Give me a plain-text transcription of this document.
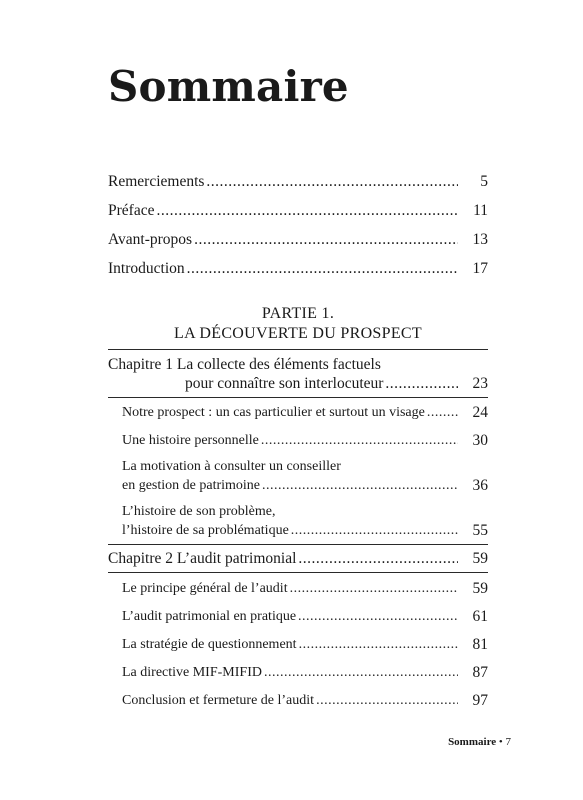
Sommaire
Remerciements .....	5
Préface .....	11
Avant-propos .....	13
Introduction .....	17
PARTIE 1.
LA DÉCOUVERTE DU PROSPECT
Chapitre 1 La collecte des éléments factuels
pour connaître son interlocuteur .....	23
Notre prospect : un cas particulier et surtout un visage .....	24
Une histoire personnelle .....	30
La motivation à consulter un conseiller
en gestion de patrimoine .....	36
L’histoire de son problème,
l’histoire de sa problématique .....	55
Chapitre 2 L’audit patrimonial .....	59
Le principe général de l’audit .....	59
L’audit patrimonial en pratique .....	61
La stratégie de questionnement .....	81
La directive MIF-MIFID .....	87
Conclusion et fermeture de l’audit .....	97
Sommaire • 7
